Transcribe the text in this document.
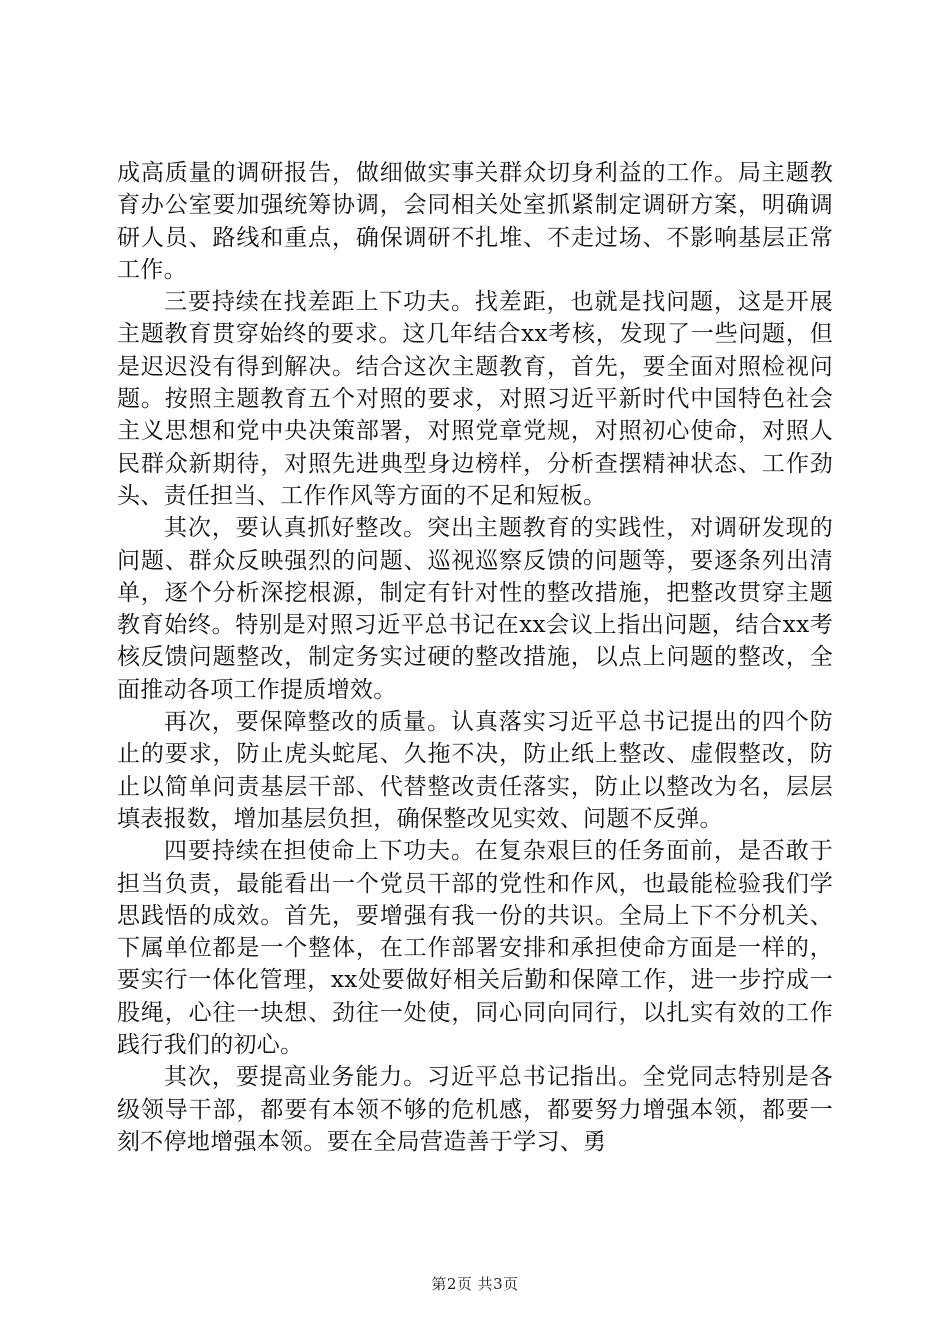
成高质量的调研报告，做细做实事关群众切身利益的工作。局主题教育办公室要加强统筹协调，会同相关处室抓紧制定调研方案，明确调研人员、路线和重点，确保调研不扎堆、不走过场、不影响基层正常工作。

三要持续在找差距上下功夫。找差距，也就是找问题，这是开展主题教育贯穿始终的要求。这几年结合xx考核，发现了一些问题，但是迟迟没有得到解决。结合这次主题教育，首先，要全面对照检视问题。按照主题教育五个对照的要求，对照习近平新时代中国特色社会主义思想和党中央决策部署，对照党章党规，对照初心使命，对照人民群众新期待，对照先进典型身边榜样，分析查摆精神状态、工作劲头、责任担当、工作作风等方面的不足和短板。

其次，要认真抓好整改。突出主题教育的实践性，对调研发现的问题、群众反映强烈的问题、巡视巡察反馈的问题等，要逐条列出清单，逐个分析深挖根源，制定有针对性的整改措施，把整改贯穿主题教育始终。特别是对照习近平总书记在xx会议上指出问题，结合xx考核反馈问题整改，制定务实过硬的整改措施，以点上问题的整改，全面推动各项工作提质增效。

再次，要保障整改的质量。认真落实习近平总书记提出的四个防止的要求，防止虎头蛇尾、久拖不决，防止纸上整改、虚假整改，防止以简单问责基层干部、代替整改责任落实，防止以整改为名，层层填表报数，增加基层负担，确保整改见实效、问题不反弹。

四要持续在担使命上下功夫。在复杂艰巨的任务面前，是否敢于担当负责，最能看出一个党员干部的党性和作风，也最能检验我们学思践悟的成效。首先，要增强有我一份的共识。全局上下不分机关、下属单位都是一个整体，在工作部署安排和承担使命方面是一样的，要实行一体化管理，xx处要做好相关后勤和保障工作，进一步拧成一股绳，心往一块想、劲往一处使，同心同向同行，以扎实有效的工作践行我们的初心。

其次，要提高业务能力。习近平总书记指出。全党同志特别是各级领导干部，都要有本领不够的危机感，都要努力增强本领，都要一刻不停地增强本领。要在全局营造善于学习、勇

第2页 共3页
